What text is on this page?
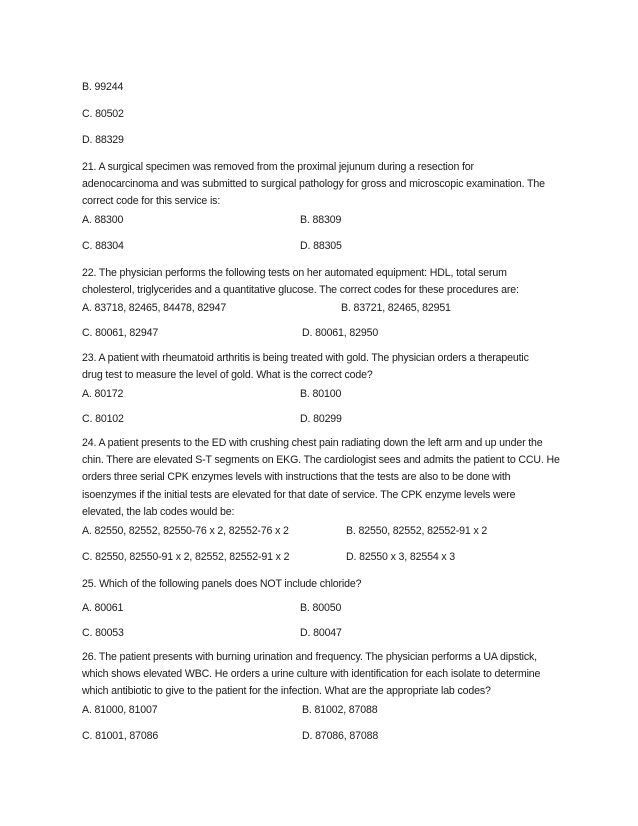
B. 99244
C. 80502
D. 88329
21. A surgical specimen was removed from the proximal jejunum during a resection for
adenocarcinoma and was submitted to surgical pathology for gross and microscopic examination. The
correct code for this service is:
A. 88300	B. 88309
C. 88304	D. 88305
22. The physician performs the following tests on her automated equipment: HDL, total serum
cholesterol, triglycerides and a quantitative glucose. The correct codes for these procedures are:
A. 83718, 82465, 84478, 82947	B. 83721, 82465, 82951
C. 80061, 82947	D. 80061, 82950
23. A patient with rheumatoid arthritis is being treated with gold. The physician orders a therapeutic
drug test to measure the level of gold. What is the correct code?
A. 80172	B. 80100
C. 80102	D. 80299
24. A patient presents to the ED with crushing chest pain radiating down the left arm and up under the
chin. There are elevated S-T segments on EKG. The cardiologist sees and admits the patient to CCU. He
orders three serial CPK enzymes levels with instructions that the tests are also to be done with
isoenzymes if the initial tests are elevated for that date of service. The CPK enzyme levels were
elevated, the lab codes would be:
A. 82550, 82552, 82550-76 x 2, 82552-76 x 2	B. 82550, 82552, 82552-91 x 2
C. 82550, 82550-91 x 2, 82552, 82552-91 x 2	D. 82550 x 3, 82554 x 3
25. Which of the following panels does NOT include chloride?
A. 80061	B. 80050
C. 80053	D. 80047
26. The patient presents with burning urination and frequency. The physician performs a UA dipstick,
which shows elevated WBC. He orders a urine culture with identification for each isolate to determine
which antibiotic to give to the patient for the infection. What are the appropriate lab codes?
A. 81000, 81007	B. 81002, 87088
C. 81001, 87086	D. 87086, 87088
